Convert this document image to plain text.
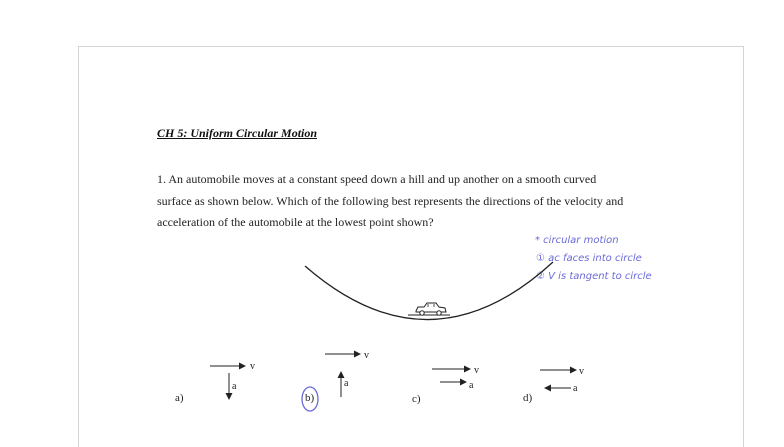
CH 5: Uniform Circular Motion
1. An automobile moves at a constant speed down a hill and up another on a smooth curved
surface as shown below. Which of the following best represents the directions of the velocity and
acceleration of the automobile at the lowest point shown?
* circular motion
① aᴄ faces into circle
② V is tangent to circle
a)
v
a
b)
v
a
c)
v
a
d)
v
a
